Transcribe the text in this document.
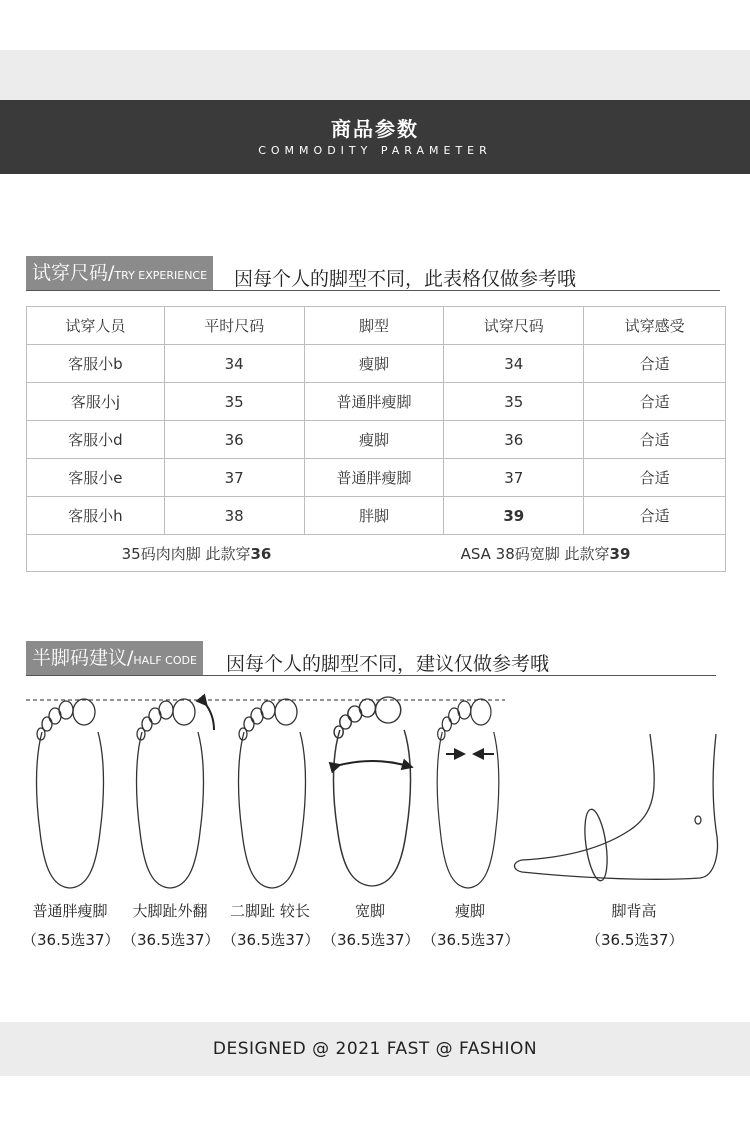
商品参数
COMMODITY PARAMETER
试穿尺码/TRY EXPERIENCE	因每个人的脚型不同，此表格仅做参考哦
试穿人员	平时尺码	脚型	试穿尺码	试穿感受
客服小b	34	瘦脚	34	合适
客服小j	35	普通胖瘦脚	35	合适
客服小d	36	瘦脚	36	合适
客服小e	37	普通胖瘦脚	37	合适
客服小h	38	胖脚	39	合适

35码肉肉脚 此款穿36 ASA 38码宽脚 此款穿39				
半脚码建议/HALF CODE	因每个人的脚型不同，建议仅做参考哦
普通胖瘦脚
（36.5选37）
大脚趾外翻
（36.5选37）
二脚趾 较长
（36.5选37）
宽脚
（36.5选37）
瘦脚
（36.5选37）
脚背高
（36.5选37）
DESIGNED @ 2021 FAST @ FASHION
